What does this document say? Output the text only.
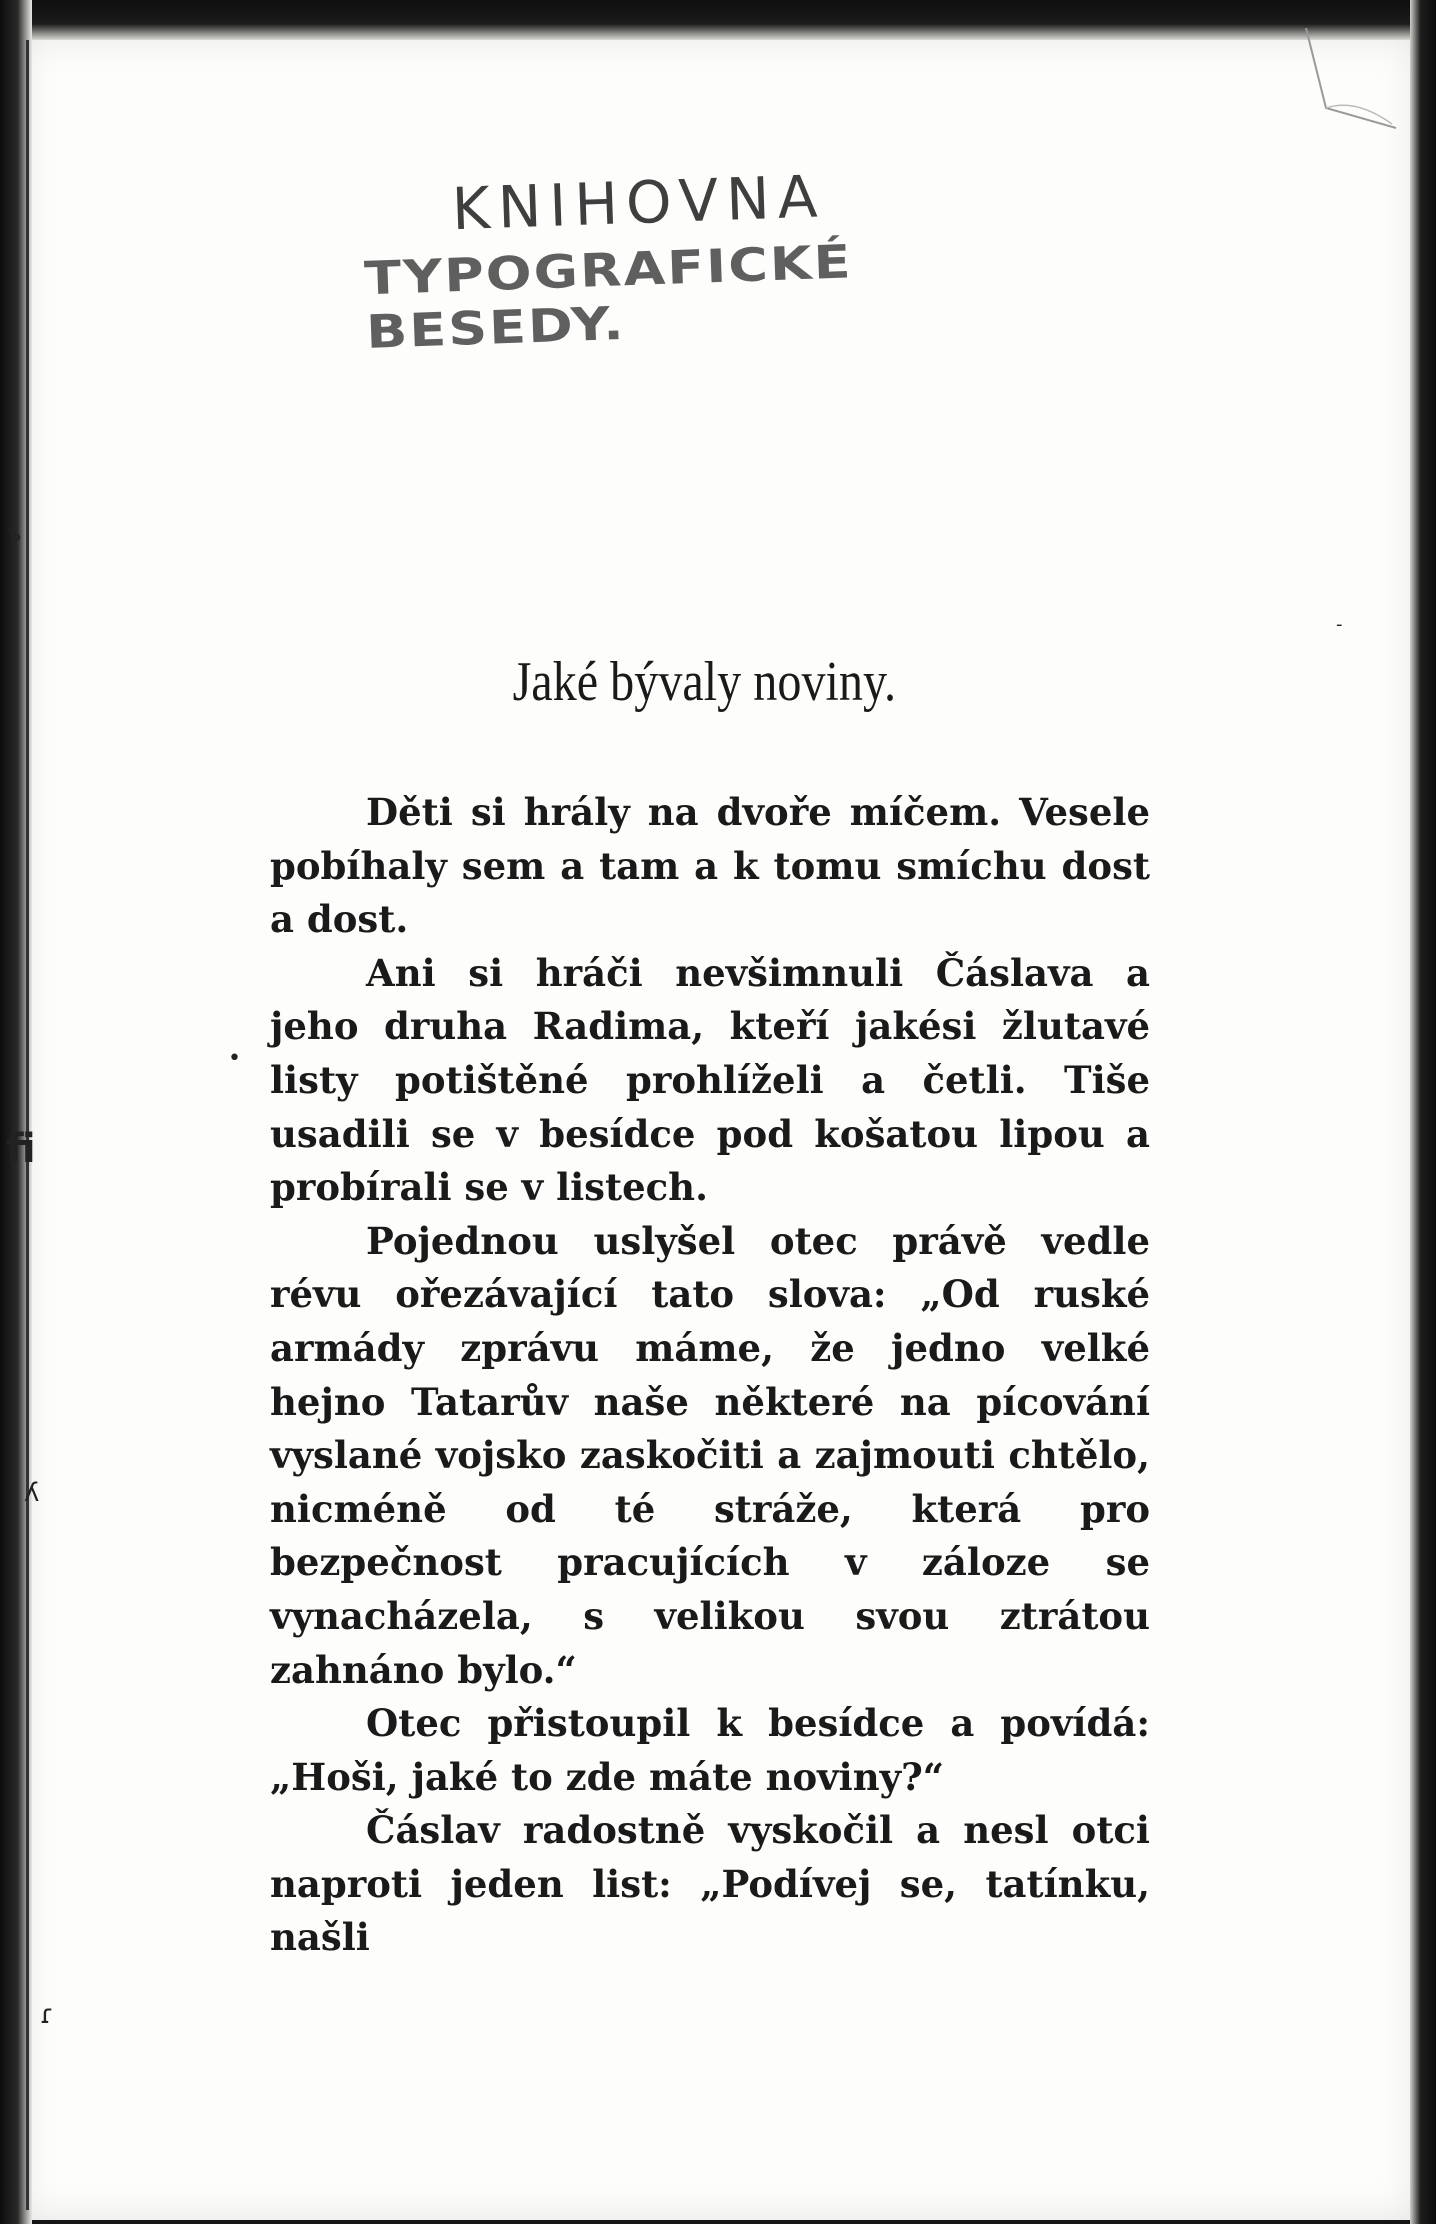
ъ
ﬁ
ʎ
ɾ
-
•
KNIHOVNA
TYPOGRAFICKÉ BESEDY.
Jaké bývaly noviny.

Děti si hrály na dvoře míčem. Vesele pobíhaly sem a tam a k tomu smíchu dost a dost.

Ani si hráči nevšimnuli Čáslava a jeho druha Radima, kteří jakési žlutavé listy potištěné prohlíželi a četli. Tiše usadili se v besídce pod košatou lipou a probírali se v listech.

Pojednou uslyšel otec právě vedle révu ořezávající tato slova: „Od ruské armády zprávu máme, že jedno velké hejno Tatarův naše některé na pícování vyslané vojsko zaskočiti a zajmouti chtělo, nicméně od té stráže, která pro bezpečnost pracujících v záloze se vynacházela, s velikou svou ztrátou zahnáno bylo.“

Otec přistoupil k besídce a povídá: „Hoši, jaké to zde máte noviny?“

Čáslav radostně vyskočil a nesl otci naproti jeden list: „Podívej se, tatínku, našli
